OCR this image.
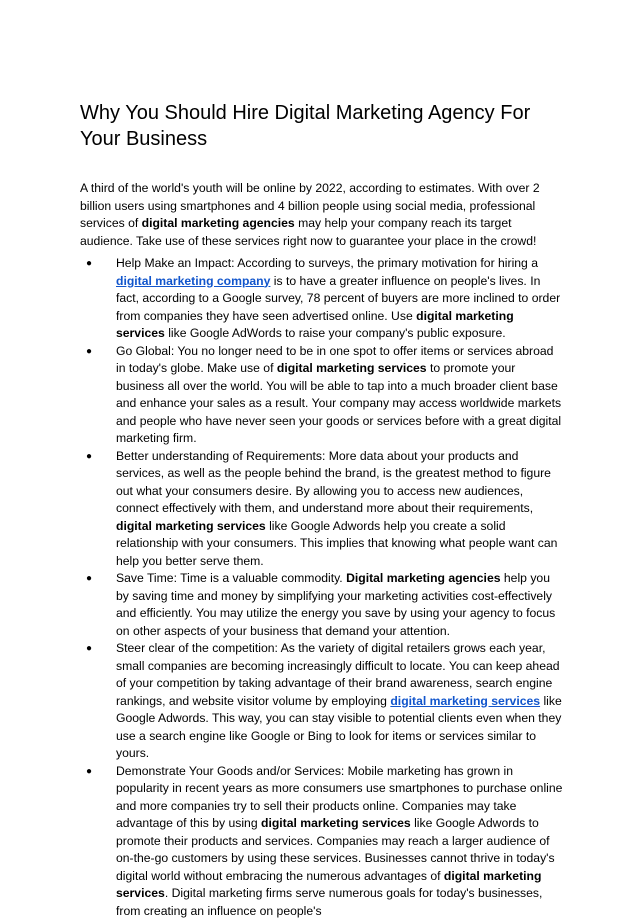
Why You Should Hire Digital Marketing Agency For Your Business

A third of the world's youth will be online by 2022, according to estimates. With over 2 billion users using smartphones and 4 billion people using social media, professional services of digital marketing agencies may help your company reach its target audience. Take use of these services right now to guarantee your place in the crowd!

● Help Make an Impact: According to surveys, the primary motivation for hiring a digital marketing company is to have a greater influence on people's lives. In fact, according to a Google survey, 78 percent of buyers are more inclined to order from companies they have seen advertised online. Use digital marketing services like Google AdWords to raise your company's public exposure.
● Go Global: You no longer need to be in one spot to offer items or services abroad in today's globe. Make use of digital marketing services to promote your business all over the world. You will be able to tap into a much broader client base and enhance your sales as a result. Your company may access worldwide markets and people who have never seen your goods or services before with a great digital marketing firm.
● Better understanding of Requirements: More data about your products and services, as well as the people behind the brand, is the greatest method to figure out what your consumers desire. By allowing you to access new audiences, connect effectively with them, and understand more about their requirements, digital marketing services like Google Adwords help you create a solid relationship with your consumers. This implies that knowing what people want can help you better serve them.
● Save Time: Time is a valuable commodity. Digital marketing agencies help you by saving time and money by simplifying your marketing activities cost-effectively and efficiently. You may utilize the energy you save by using your agency to focus on other aspects of your business that demand your attention.
● Steer clear of the competition: As the variety of digital retailers grows each year, small companies are becoming increasingly difficult to locate. You can keep ahead of your competition by taking advantage of their brand awareness, search engine rankings, and website visitor volume by employing digital marketing services like Google Adwords. This way, you can stay visible to potential clients even when they use a search engine like Google or Bing to look for items or services similar to yours.
● Demonstrate Your Goods and/or Services: Mobile marketing has grown in popularity in recent years as more consumers use smartphones to purchase online and more companies try to sell their products online. Companies may take advantage of this by using digital marketing services like Google Adwords to promote their products and services. Companies may reach a larger audience of on-the-go customers by using these services. Businesses cannot thrive in today's digital world without embracing the numerous advantages of digital marketing services. Digital marketing firms serve numerous goals for today's businesses, from creating an influence on people's
